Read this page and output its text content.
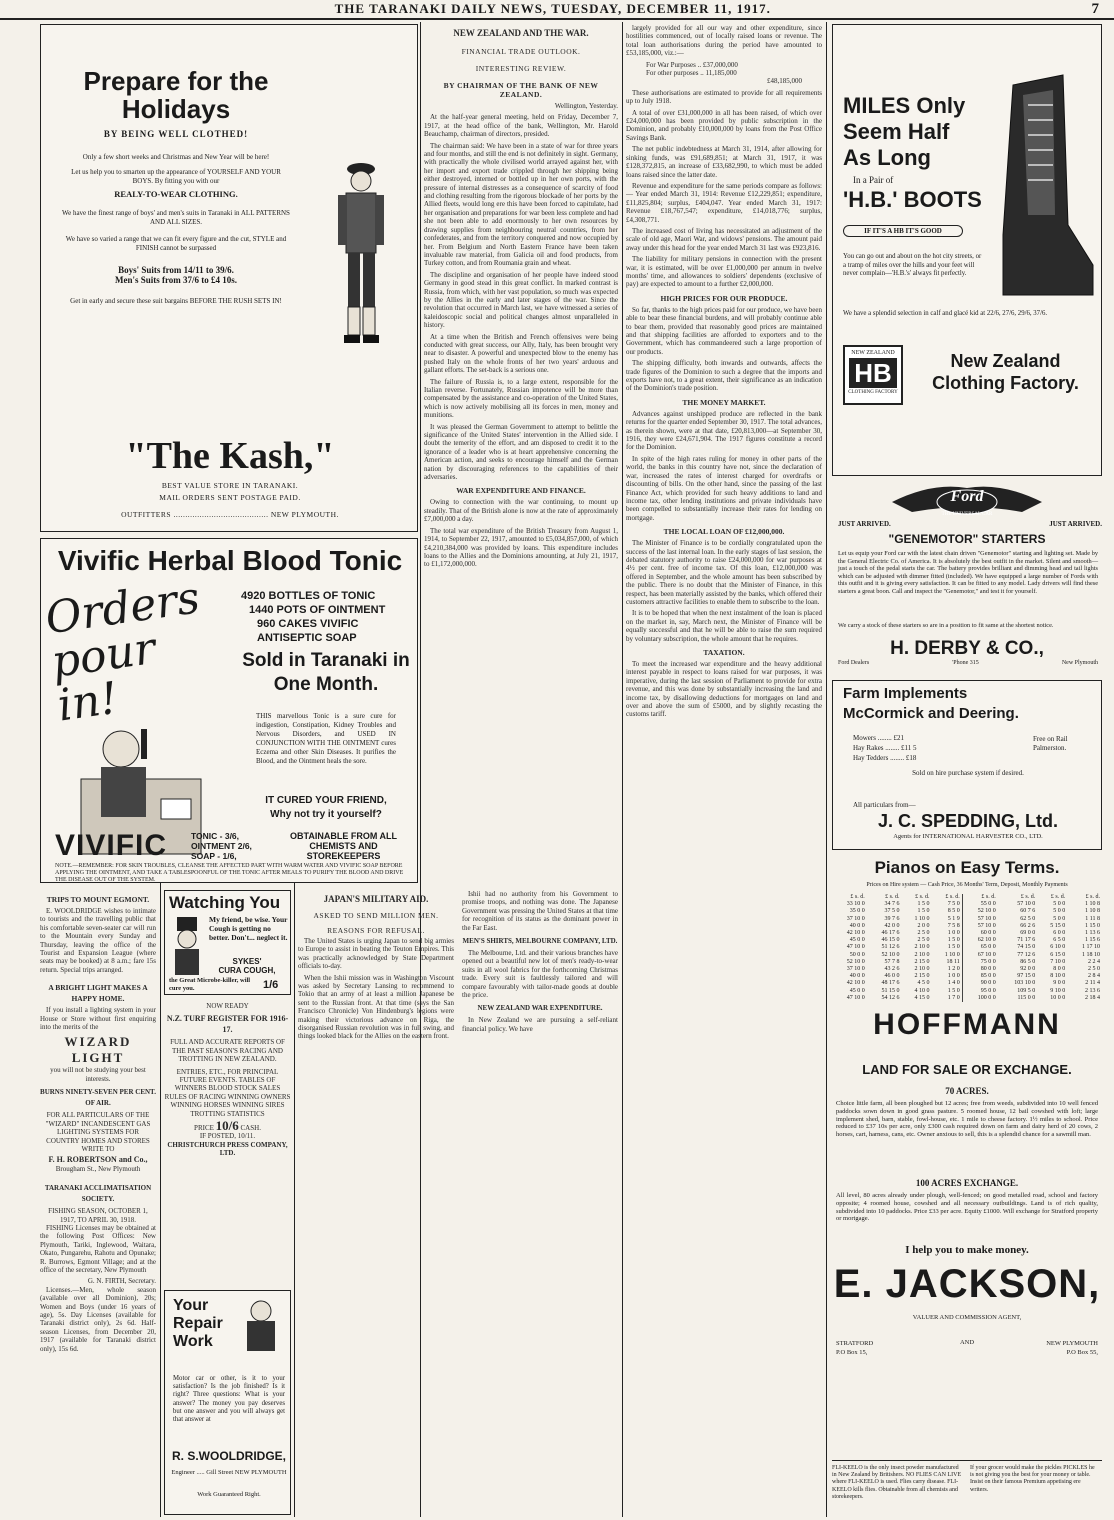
THE TARANAKI DAILY NEWS, TUESDAY, DECEMBER 11, 1917.	7
Prepare for the
Holidays
BY BEING WELL CLOTHED!
Only a few short weeks and Christmas and New Year will be here!
Let us help you to smarten up the appearance of YOURSELF AND YOUR BOYS. By fitting you with our
REALY-TO-WEAR CLOTHING.
We have the finest range of boys' and men's suits in Taranaki in ALL PATTERNS AND ALL SIZES.
We have so varied a range that we can fit every figure and the cut, STYLE and FINISH cannot be surpassed
Boys' Suits from 14/11 to 39/6.
Men's Suits from 37/6 to £4 10s.
Get in early and secure these suit bargains BEFORE THE RUSH SETS IN!
"The Kash,"
BEST VALUE STORE IN TARANAKI.
MAIL ORDERS SENT POSTAGE PAID.
OUTFITTERS ........................................ NEW PLYMOUTH.
Vivific Herbal Blood Tonic
Orders pour in!
4920 BOTTLES OF TONIC
1440 POTS OF OINTMENT
960 CAKES VIVIFIC ANTISEPTIC SOAP
Sold in Taranaki in
One Month.
THIS marvellous Tonic is a sure cure for indigestion, Constipation, Kidney Troubles and Nervous Disorders, and USED IN CONJUNCTION WITH THE OINTMENT cures Eczema and other Skin Diseases. It purifies the Blood, and the Ointment heals the sore.
IT CURED YOUR FRIEND,
Why not try it yourself?
VIVIFIC	TONIC - 3/6, OINTMENT 2/6, SOAP - 1/6,
OBTAINABLE FROM ALL CHEMISTS AND STOREKEEPERS
NOTE.—REMEMBER: FOR SKIN TROUBLES, CLEANSE THE AFFECTED PART WITH WARM WATER AND VIVIFIC SOAP BEFORE APPLYING THE OINTMENT, AND TAKE A TABLESPOONFUL OF THE TONIC AFTER MEALS TO PURIFY THE BLOOD AND DRIVE THE DISEASE OUT OF THE SYSTEM.
TRIPS TO MOUNT EGMONT.

E. WOOLDRIDGE wishes to intimate to tourists and the travelling public that his comfortable seven-seater car will run to the Mountain every Sunday and Thursday, leaving the office of the Tourist and Expansion League (where seats may be booked) at 8 a.m.; fare 15s return. Special trips arranged.

A BRIGHT LIGHT MAKES A HAPPY HOME.

If you install a lighting system in your House or Store without first enquiring into the merits of the

WIZARD LIGHT
you will not be studying your best interests.
BURNS NINETY-SEVEN PER CENT. OF AIR.
FOR ALL PARTICULARS OF THE "WIZARD" INCANDESCENT GAS LIGHTING SYSTEMS FOR COUNTRY HOMES AND STORES WRITE TO
F. H. ROBERTSON and Co.,
Brougham St., New Plymouth
TARANAKI ACCLIMATISATION SOCIETY.
FISHING SEASON, OCTOBER 1, 1917, TO APRIL 30, 1918.

FISHING Licenses may be obtained at the following Post Offices: New Plymouth, Tariki, Inglewood, Waitara, Okato, Pungarehu, Rahotu and Opunake; R. Burrows, Egmont Village; and at the office of the secretary, New Plymouth

G. N. FIRTH, Secretary.

Licenses.—Men, whole season (available over all Dominion), 20s; Women and Boys (under 16 years of age), 5s. Day Licenses (available for Taranaki district only), 2s 6d. Half-season Licenses, from December 20, 1917 (available for Taranaki district only), 15s 6d.

Watching You
My friend, be wise. Your Cough is getting no better. Don't... neglect it.
SYKES'
CURA COUGH,
the Great Microbe-killer, will cure you.	1/6
NOW READY
N.Z. TURF REGISTER FOR 1916-17.
FULL AND ACCURATE REPORTS OF THE PAST SEASON'S RACING AND TROTTING IN NEW ZEALAND.
ENTRIES, ETC., FOR PRINCIPAL FUTURE EVENTS. TABLES OF WINNERS BLOOD STOCK SALES RULES OF RACING WINNING OWNERS WINNING HORSES WINNING SIRES TROTTING STATISTICS
PRICE 10/6 CASH.
IF POSTED, 10/11.
CHRISTCHURCH PRESS COMPANY, LTD.
Your Repair Work
Motor car or other, is it to your satisfaction? Is the job finished? Is it right? Three questions: What is your answer? The money you pay deserves but one answer and you will always get that answer at
R. S.WOOLDRIDGE,
Engineer ..... Gill Street NEW PLYMOUTH
Work Guaranteed Right.
NEW ZEALAND AND THE WAR.
FINANCIAL TRADE OUTLOOK.
INTERESTING REVIEW.
BY CHAIRMAN OF THE BANK OF NEW ZEALAND.
Wellington, Yesterday.

At the half-year general meeting, held on Friday, December 7, 1917, at the head office of the bank, Wellington, Mr. Harold Beauchamp, chairman of directors, presided.

The chairman said: We have been in a state of war for three years and four months, and still the end is not definitely in sight. Germany, with practically the whole civilised world arrayed against her, with her import and export trade crippled through her shipping being either destroyed, interned or bottled up in her own ports, with the pressure of internal distresses as a consequence of scarcity of food and clothing resulting from the rigorous blockade of her ports by the Allied fleets, would long ere this have been forced to capitulate, had her organisation and preparations for war been less complete and had she not been able to add enormously to her own resources by drawing supplies from neighbouring neutral countries, from her confederates, and from the territory conquered and now occupied by her. From Belgium and North Eastern France have been taken invaluable raw material, from Galicia oil and food products, from Turkey cotton, and from Roumania grain and wheat.

The discipline and organisation of her people have indeed stood Germany in good stead in this great conflict. In marked contrast is Russia, from which, with her vast population, so much was expected by the Allies in the early and later stages of the war. Since the revolution that occurred in March last, we have witnessed a series of kaleidoscopic social and political changes almost unparalleled in history.

At a time when the British and French offensives were being conducted with great success, our Ally, Italy, has been brought very near to disaster. A powerful and unexpected blow to the enemy has pushed Italy on the whole fronts of her two years' arduous and gallant efforts. The set-back is a serious one.

The failure of Russia is, to a large extent, responsible for the Italian reverse. Fortunately, Russian impotence will be more than compensated by the assistance and co-operation of the United States, which is now actively mobilising all its forces in men, money and munitions.

It was pleased the German Government to attempt to belittle the significance of the United States' intervention in the Allied side. I doubt the temerity of the effort, and am disposed to credit it to the ignorance of a leader who is at heart apprehensive concerning the American action, and seeks to encourage himself and the German nation by discouraging references to the capabilities of their adversaries.

WAR EXPENDITURE AND FINANCE.

Owing to connection with the war continuing, to mount up steadily. That of the British alone is now at the rate of approximately £7,000,000 a day.

The total war expenditure of the British Treasury from August 1, 1914, to September 22, 1917, amounted to £5,034,857,000, of which £4,210,384,000 was provided by loans. This expenditure includes loans to the Allies and the Dominions amounting, at July 21, 1917, to £1,172,000,000.

JAPAN'S MILITARY AID.
ASKED TO SEND MILLION MEN.
REASONS FOR REFUSAL.

The United States is urging Japan to send big armies to Europe to assist in beating the Teuton Empires. This was practically acknowledged by State Department officials to-day.

When the Ishii mission was in Washington Viscount was asked by Secretary Lansing to recommend to Tokio that an army of at least a million Japanese be sent to the Russian front. At that time (says the San Francisco Chronicle) Von Hindenburg's legions were making their victorious advance on Riga, the disorganised Russian revolution was in full swing, and things looked black for the Allies on the eastern front.

Ishii had no authority from his Government to promise troops, and nothing was done. The Japanese Government was pressing the United States at that time for recognition of its status as the dominant power in the Far East.

MEN'S SHIRTS, MELBOURNE COMPANY, LTD.

The Melbourne, Ltd. and their various branches have opened out a beautiful new lot of men's ready-to-wear suits in all wool fabrics for the forthcoming Christmas trade. Every suit is faultlessly tailored and will compare favourably with tailor-made goods at double the price.

NEW ZEALAND WAR EXPENDITURE.

In New Zealand we are pursuing a self-reliant financial policy. We have

largely provided for all our way and other expenditure, since hostilities commenced, out of locally raised loans or revenue. The total loan authorisations during the period have amounted to £53,185,000, viz.:—

For War Purposes .. £37,000,000
For other purposes .. 11,185,000
£48,185,000

These authorisations are estimated to provide for all requirements up to July 1918.

A total of over £31,000,000 in all has been raised, of which over £24,000,000 has been provided by public subscription in the Dominion, and probably £10,000,000 by loans from the Post Office Savings Bank.

The net public indebtedness at March 31, 1914, after allowing for sinking funds, was £91,689,851; at March 31, 1917, it was £128,372,815, an increase of £33,682,990, to which must be added loans raised since the latter date.

Revenue and expenditure for the same periods compare as follows:— Year ended March 31, 1914: Revenue £12,229,851; expenditure, £11,825,804; surplus, £404,047. Year ended March 31, 1917: Revenue £18,767,547; expenditure, £14,018,776; surplus, £4,308,771.

The increased cost of living has necessitated an adjustment of the scale of old age, Maori War, and widows' pensions. The amount paid away under this head for the year ended March 31 last was £923,816.

The liability for military pensions in connection with the present war, it is estimated, will be over £1,000,000 per annum in twelve months' time, and allowances to soldiers' dependents (exclusive of pay) are expected to amount to a further £2,000,000.

HIGH PRICES FOR OUR PRODUCE.

So far, thanks to the high prices paid for our produce, we have been able to bear these financial burdens, and will probably continue able to bear them, provided that reasonably good prices are maintained and that shipping facilities are afforded to exporters and to the Government, which has commandeered such a large proportion of our products.

The shipping difficulty, both inwards and outwards, affects the trade figures of the Dominion to such a degree that the imports and exports have not, to a great extent, their significance as an indication of the Dominion's trade position.

THE MONEY MARKET.

Advances against unshipped produce are reflected in the bank returns for the quarter ended September 30, 1917. The total advances, as therein shown, were at that date, £20,813,000—at September 30, 1916, they were £24,671,904. The 1917 figures constitute a record for the Dominion.

In spite of the high rates ruling for money in other parts of the world, the banks in this country have not, since the declaration of war, increased the rates of interest charged for overdrafts or discounting of bills. On the other hand, since the passing of the last Finance Act, which provided for such heavy additions to land and income tax, other lending institutions and private individuals have been compelled to substantially increase their rates for lending on mortgage.

THE LOCAL LOAN OF £12,000,000.

The Minister of Finance is to be cordially congratulated upon the success of the last internal loan. In the early stages of last session, the debated statutory authority to raise £24,000,000 for war purposes at 4½ per cent. free of income tax. Of this loan, £12,000,000 was offered in September, and the whole amount has been subscribed by the public. There is no doubt that the Minister of Finance, in this respect, has been materially assisted by the banks, which offered their customers attractive facilities to enable them to subscribe to the loan.

It is to be hoped that when the next instalment of the loan is placed on the market in, say, March next, the Minister of Finance will be equally successful and that he will be able to raise the sum required by voluntary subscription, the whole amount that he requires.

TAXATION.

To meet the increased war expenditure and the heavy additional interest payable in respect to loans raised for war purposes, it was imperative, during the last session of Parliament to provide for extra revenue, and this was done by substantially increasing the land and income tax, by disallowing deductions for mortgages on land and over and above the sum of £5000, and by slightly recasting the customs tariff.

MILES Only
Seem Half
As Long
In a Pair of
'H.B.' BOOTS
IF IT'S A HB IT'S GOOD
You can go out and about on the hot city streets, or a tramp of miles over the hills and your feet will never complain—'H.B.'s' always fit perfectly.
We have a splendid selection in calf and glacé kid at 22/6, 27/6, 29/6, 37/6.
NEW ZEALAND
HB
CLOTHING FACTORY
New Zealand
Clothing Factory.
Ford
THE UNIVERSAL CAR
JUST ARRIVED.	JUST ARRIVED.
"GENEMOTOR" STARTERS
Let us equip your Ford car with the latest chain driven "Genemotor" starting and lighting set. Made by the General Electric Co. of America. It is absolutely the best outfit in the market. Silent and smooth—just a touch of the pedal starts the car. The battery provides brilliant and dimming head and tail lights which can be adjusted with dimmer fitted (included). We have equipped a large number of Fords with this outfit and it is giving every satisfaction. It can be fitted to any model. Lady drivers will find these starters a great boon. Call and inspect the "Genemotor," and test it for yourself.
We carry a stock of these starters so are in a position to fit same at the shortest notice.
H. DERBY & CO.,
Ford Dealers	'Phone 315	New Plymouth
Farm Implements
McCormick and Deering.
Mowers ........ £21
Hay Rakes ........ £11 5
Hay Tedders ........ £18
Free on Rail Palmerston.
Sold on hire purchase system if desired.
All particulars from—
J. C. SPEDDING, Ltd.
Agents for INTERNATIONAL HARVESTER CO., LTD.
Pianos on Easy Terms.
Prices on Hire system — Cash Price, 36 Months' Term, Deposit, Monthly Payments
£ s. d.	£ s. d.	£ s. d.	£ s. d.	£ s. d.	£ s. d.	£ s. d.	£ s. d.
33 10 0	34 7 6	1 5 0	7 5 0	55 0 0	57 10 0	5 0 0	1 10 8
35 0 0	37 5 0	1 5 0	8 5 0	52 10 0	60 7 6	5 0 0	1 10 8
37 10 0	39 7 6	1 10 0	5 1 9	57 10 0	62 5 0	5 0 0	1 11 8
40 0 0	42 0 0	2 0 0	7 5 8	57 10 0	66 2 6	5 15 0	1 15 0
42 10 0	46 17 6	2 5 0	1 0 0	60 0 0	69 0 0	6 0 0	1 13 6
45 0 0	46 15 0	2 5 0	1 5 0	62 10 0	71 17 6	6 5 0	1 15 6
47 10 0	51 12 6	2 10 0	1 5 0	65 0 0	74 15 0	6 10 0	1 17 10
50 0 0	52 10 0	2 10 0	1 10 0	67 10 0	77 12 6	6 15 0	1 18 10
52 10 0	57 7 8	2 15 0	18 11	75 0 0	86 5 0	7 10 0	2 2 4
37 10 0	43 2 6	2 10 0	1 2 0	80 0 0	92 0 0	8 0 0	2 5 0
40 0 0	46 0 0	2 15 0	1 0 0	85 0 0	97 15 0	8 10 0	2 8 4
42 10 0	48 17 6	4 5 0	1 4 0	90 0 0	103 10 0	9 0 0	2 11 4
45 0 0	51 15 0	4 10 0	1 5 0	95 0 0	109 5 0	9 10 0	2 13 6
47 10 0	54 12 6	4 15 0	1 7 0	100 0 0	115 0 0	10 0 0	2 18 4
HOFFMANN
LAND FOR SALE OR EXCHANGE.
70 ACRES.
Choice little farm, all been ploughed but 12 acres; free from weeds, subdivided into 10 well fenced paddocks sown down in good grass pasture. 5 roomed house, 12 bail cowshed with loft; large implement shed, barn, stable, fowl-house, etc. 1 mile to cheese factory. 1½ miles to school. Price reduced to £37 10s per acre, only £300 cash required down on farm and dairy herd of 20 cows, 2 horses, cart, harness, cans, etc. Owner anxious to sell, this is a splendid chance for a sawmill man.
100 ACRES EXCHANGE.
All level, 80 acres already under plough, well-fenced; on good metalled road, school and factory opposite; 4 roomed house, cowshed and all necessary outbuildings. Land is of rich quality, subdivided into 10 paddocks. Price £33 per acre. Equity £1000. Will exchange for Stratford property or mortgage.
I help you to make money.
E. JACKSON,
VALUER AND COMMISSION AGENT,
STRATFORD
P.O Box 15,
AND	NEW PLYMOUTH
P.O Box 55,
FLI-KEELO is the only insect powder manufactured in New Zealand by Britishers. NO FLIES CAN LIVE where FLI-KEELO is used. Flies carry disease. FLI-KEELO kills flies. Obtainable from all chemists and storekeepers.
If your grocer would make the pickles PICKLES he is not giving you the best for your money or table. Insist on their famous Premium appetising ere writers.
